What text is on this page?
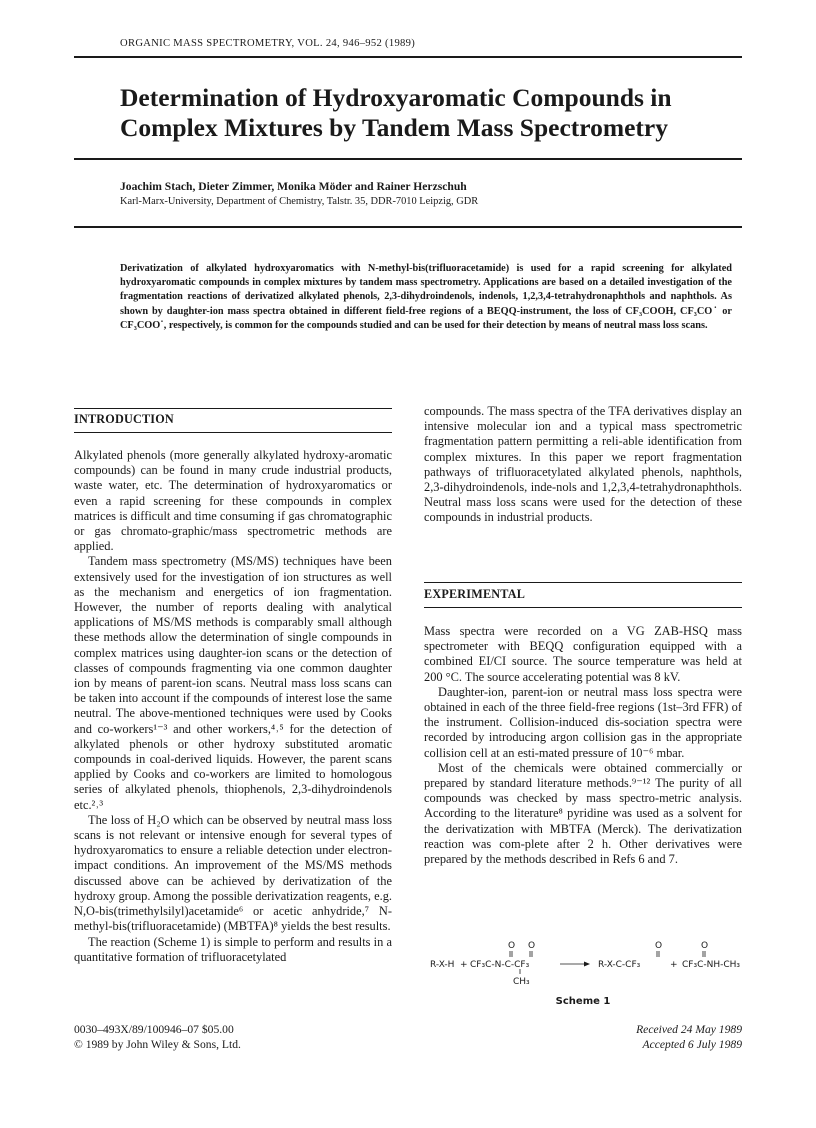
ORGANIC MASS SPECTROMETRY, VOL. 24, 946–952 (1989)
Determination of Hydroxyaromatic Compounds in Complex Mixtures by Tandem Mass Spectrometry
Joachim Stach, Dieter Zimmer, Monika Möder and Rainer Herzschuh
Karl-Marx-University, Department of Chemistry, Talstr. 35, DDR-7010 Leipzig, GDR

Derivatization of alkylated hydroxyaromatics with N-methyl-bis(trifluoracetamide) is used for a rapid screening for alkylated hydroxyaromatic compounds in complex mixtures by tandem mass spectrometry. Applications are based on a detailed investigation of the fragmentation reactions of derivatized alkylated phenols, 2,3-dihydroindenols, indenols, 1,2,3,4-tetrahydronaphthols and naphthols. As shown by daughter-ion mass spectra obtained in different field-free regions of a BEQQ-instrument, the loss of CF₃COOH, CF₃CO˙ or CF₃COO˙, respectively, is common for the compounds studied and can be used for their detection by means of neutral mass loss scans.

INTRODUCTION

Alkylated phenols (more generally alkylated hydroxy-aromatic compounds) can be found in many crude industrial products, waste water, etc. The determination of hydroxyaromatics or even a rapid screening for these compounds in complex matrices is difficult and time consuming if gas chromatographic or gas chromato-graphic/mass spectrometric methods are applied.

Tandem mass spectrometry (MS/MS) techniques have been extensively used for the investigation of ion structures as well as the mechanism and energetics of ion fragmentation. However, the number of reports dealing with analytical applications of MS/MS methods is comparably small although these methods allow the determination of single compounds in complex matrices using daughter-ion scans or the detection of classes of compounds fragmenting via one common daughter ion by means of parent-ion scans. Neutral mass loss scans can be taken into account if the compounds of interest lose the same neutral. The above-mentioned techniques were used by Cooks and co-workers¹⁻³ and other workers,⁴˒⁵ for the detection of alkylated phenols or other hydroxy substituted aromatic compounds in coal-derived liquids. However, the parent scans applied by Cooks and co-workers are limited to homologous series of alkylated phenols, thiophenols, 2,3-dihydroindenols etc.²˒³

The loss of H₂O which can be observed by neutral mass loss scans is not relevant or intensive enough for several types of hydroxyaromatics to ensure a reliable detection under electron-impact conditions. An improvement of the MS/MS methods discussed above can be achieved by derivatization of the hydroxy group. Among the possible derivatization reagents, e.g. N,O-bis(trimethylsilyl)acetamide⁶ or acetic anhydride,⁷ N-methyl-bis(trifluoracetamide) (MBTFA)⁸ yields the best results.

The reaction (Scheme 1) is simple to perform and results in a quantitative formation of trifluoracetylated

compounds. The mass spectra of the TFA derivatives display an intensive molecular ion and a typical mass spectrometric fragmentation pattern permitting a reli-able identification from complex mixtures. In this paper we report fragmentation pathways of trifluoracetylated alkylated phenols, naphthols, 2,3-dihydroindenols, inde-nols and 1,2,3,4-tetrahydronaphthols. Neutral mass loss scans were used for the detection of these compounds in industrial products.

EXPERIMENTAL

Mass spectra were recorded on a VG ZAB-HSQ mass spectrometer with BEQQ configuration equipped with a combined EI/CI source. The source temperature was held at 200 °C. The source accelerating potential was 8 kV.

Daughter-ion, parent-ion or neutral mass loss spectra were obtained in each of the three field-free regions (1st–3rd FFR) of the instrument. Collision-induced dis-sociation spectra were recorded by introducing argon collision gas in the appropriate collision cell at an esti-mated pressure of 10⁻⁶ mbar.

Most of the chemicals were obtained commercially or prepared by standard literature methods.⁹⁻¹² The purity of all compounds was checked by mass spectro-metric analysis. According to the literature⁸ pyridine was used as a solvent for the derivatization with MBTFA (Merck). The derivatization reaction was com-plete after 2 h. Other derivatives were prepared by the methods described in Refs 6 and 7.

O O	O	O
R-X-H + CF₃C-N-C-CF₃
CH₃
R-X-C-CF₃	+ CF₃C-NH-CH₃
Scheme 1
0030–493X/89/100946–07 $05.00
© 1989 by John Wiley & Sons, Ltd.
Received 24 May 1989
Accepted 6 July 1989
